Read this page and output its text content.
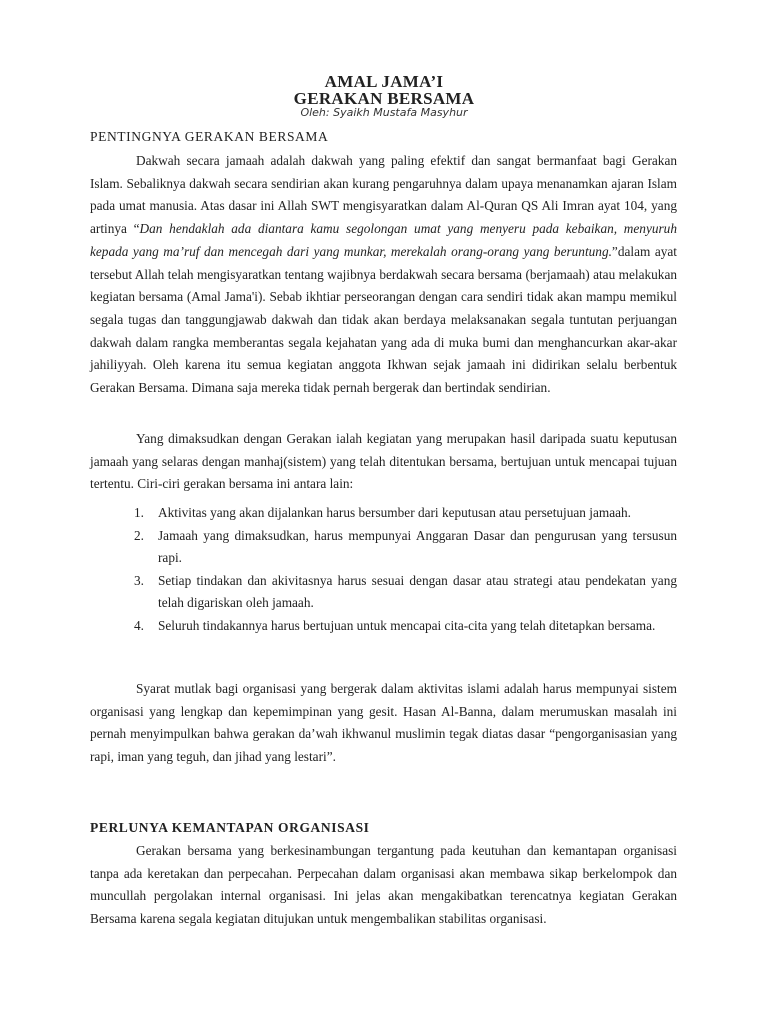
AMAL JAMA’I
GERAKAN BERSAMA
Oleh: Syaikh Mustafa Masyhur
PENTINGNYA GERAKAN BERSAMA
Dakwah secara jamaah adalah dakwah yang paling efektif dan sangat bermanfaat bagi Gerakan Islam. Sebaliknya dakwah secara sendirian akan kurang pengaruhnya dalam upaya menanamkan ajaran Islam pada umat manusia. Atas dasar ini Allah SWT mengisyaratkan dalam Al-Quran QS Ali Imran ayat 104, yang artinya “Dan hendaklah ada diantara kamu segolongan umat yang menyeru pada kebaikan, menyuruh kepada yang ma’ruf dan mencegah dari yang munkar, merekalah orang-orang yang beruntung.”dalam ayat tersebut Allah telah mengisyaratkan tentang wajibnya berdakwah secara bersama (berjamaah) atau melakukan kegiatan bersama (Amal Jama'i). Sebab ikhtiar perseorangan dengan cara sendiri tidak akan mampu memikul segala tugas dan tanggungjawab dakwah dan tidak akan berdaya melaksanakan segala tuntutan perjuangan dakwah dalam rangka memberantas segala kejahatan yang ada di muka bumi dan menghancurkan akar-akar jahiliyyah. Oleh karena itu semua kegiatan anggota Ikhwan sejak jamaah ini didirikan selalu berbentuk Gerakan Bersama. Dimana saja mereka tidak pernah bergerak dan bertindak sendirian.
Yang dimaksudkan dengan Gerakan ialah kegiatan yang merupakan hasil daripada suatu keputusan jamaah yang selaras dengan manhaj(sistem) yang telah ditentukan bersama, bertujuan untuk mencapai tujuan tertentu. Ciri-ciri gerakan bersama ini antara lain:
1. Aktivitas yang akan dijalankan harus bersumber dari keputusan atau persetujuan jamaah.
2. Jamaah yang dimaksudkan, harus mempunyai Anggaran Dasar dan pengurusan yang tersusun rapi.
3. Setiap tindakan dan akivitasnya harus sesuai dengan dasar atau strategi atau pendekatan yang telah digariskan oleh jamaah.
4. Seluruh tindakannya harus bertujuan untuk mencapai cita-cita yang telah ditetapkan bersama.
Syarat mutlak bagi organisasi yang bergerak dalam aktivitas islami adalah harus mempunyai sistem organisasi yang lengkap dan kepemimpinan yang gesit. Hasan Al-Banna, dalam merumuskan masalah ini pernah menyimpulkan bahwa gerakan da’wah ikhwanul muslimin tegak diatas dasar “pengorganisasian yang rapi, iman yang teguh, dan jihad yang lestari”.
PERLUNYA KEMANTAPAN ORGANISASI
Gerakan bersama yang berkesinambungan tergantung pada keutuhan dan kemantapan organisasi tanpa ada keretakan dan perpecahan. Perpecahan dalam organisasi akan membawa sikap berkelompok dan muncullah pergolakan internal organisasi. Ini jelas akan mengakibatkan terencatnya kegiatan Gerakan Bersama karena segala kegiatan ditujukan untuk mengembalikan stabilitas organisasi.
